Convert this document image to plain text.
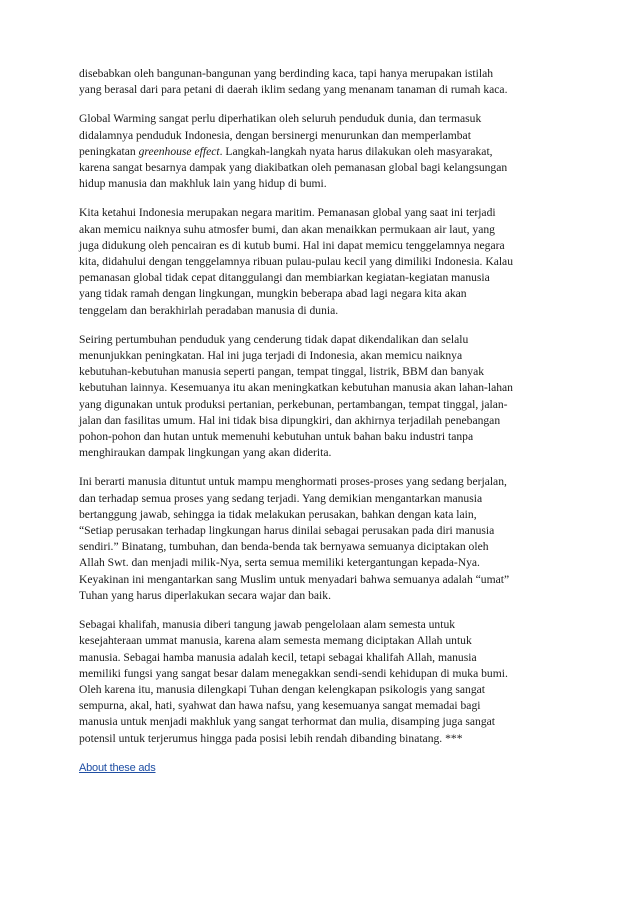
disebabkan oleh bangunan-bangunan yang berdinding kaca, tapi hanya merupakan istilah
yang berasal dari para petani di daerah iklim sedang yang menanam tanaman di rumah kaca.

Global Warming sangat perlu diperhatikan oleh seluruh penduduk dunia, dan termasuk
didalamnya penduduk Indonesia, dengan bersinergi menurunkan dan memperlambat
peningkatan greenhouse effect. Langkah-langkah nyata harus dilakukan oleh masyarakat,
karena sangat besarnya dampak yang diakibatkan oleh pemanasan global bagi kelangsungan
hidup manusia dan makhluk lain yang hidup di bumi.

Kita ketahui Indonesia merupakan negara maritim. Pemanasan global yang saat ini terjadi
akan memicu naiknya suhu atmosfer bumi, dan akan menaikkan permukaan air laut, yang
juga didukung oleh pencairan es di kutub bumi. Hal ini dapat memicu tenggelamnya negara
kita, didahului dengan tenggelamnya ribuan pulau-pulau kecil yang dimiliki Indonesia. Kalau
pemanasan global tidak cepat ditanggulangi dan membiarkan kegiatan-kegiatan manusia
yang tidak ramah dengan lingkungan, mungkin beberapa abad lagi negara kita akan
tenggelam dan berakhirlah peradaban manusia di dunia.

Seiring pertumbuhan penduduk yang cenderung tidak dapat dikendalikan dan selalu
menunjukkan peningkatan. Hal ini juga terjadi di Indonesia, akan memicu naiknya
kebutuhan-kebutuhan manusia seperti pangan, tempat tinggal, listrik, BBM dan banyak
kebutuhan lainnya. Kesemuanya itu akan meningkatkan kebutuhan manusia akan lahan-lahan
yang digunakan untuk produksi pertanian, perkebunan, pertambangan, tempat tinggal, jalan-
jalan dan fasilitas umum. Hal ini tidak bisa dipungkiri, dan akhirnya terjadilah penebangan
pohon-pohon dan hutan untuk memenuhi kebutuhan untuk bahan baku industri tanpa
menghiraukan dampak lingkungan yang akan diderita.

Ini berarti manusia dituntut untuk mampu menghormati proses-proses yang sedang berjalan,
dan terhadap semua proses yang sedang terjadi. Yang demikian mengantarkan manusia
bertanggung jawab, sehingga ia tidak melakukan perusakan, bahkan dengan kata lain,
“Setiap perusakan terhadap lingkungan harus dinilai sebagai perusakan pada diri manusia
sendiri.” Binatang, tumbuhan, dan benda-benda tak bernyawa semuanya diciptakan oleh
Allah Swt. dan menjadi milik-Nya, serta semua memiliki ketergantungan kepada-Nya.
Keyakinan ini mengantarkan sang Muslim untuk menyadari bahwa semuanya adalah “umat”
Tuhan yang harus diperlakukan secara wajar dan baik.

Sebagai khalifah, manusia diberi tangung jawab pengelolaan alam semesta untuk
kesejahteraan ummat manusia, karena alam semesta memang diciptakan Allah untuk
manusia. Sebagai hamba manusia adalah kecil, tetapi sebagai khalifah Allah, manusia
memiliki fungsi yang sangat besar dalam menegakkan sendi-sendi kehidupan di muka bumi.
Oleh karena itu, manusia dilengkapi Tuhan dengan kelengkapan psikologis yang sangat
sempurna, akal, hati, syahwat dan hawa nafsu, yang kesemuanya sangat memadai bagi
manusia untuk menjadi makhluk yang sangat terhormat dan mulia, disamping juga sangat
potensil untuk terjerumus hingga pada posisi lebih rendah dibanding binatang. ***

About these ads
